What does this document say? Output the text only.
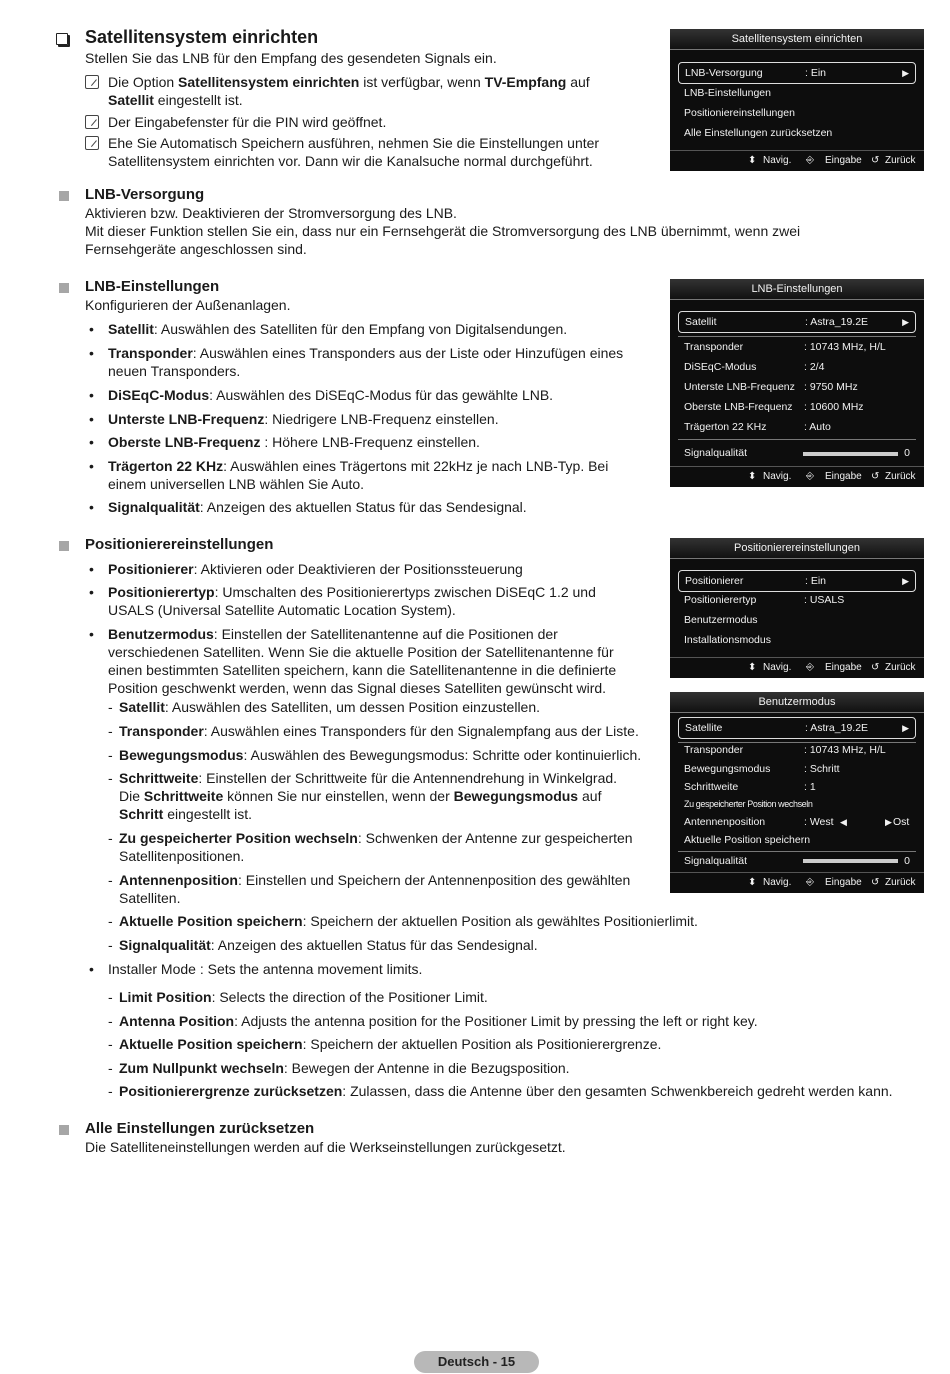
Satellitensystem einrichten
Stellen Sie das LNB für den Empfang des gesendeten Signals ein.
Die Option Satellitensystem einrichten ist verfügbar, wenn TV-Empfang auf
Satellit eingestellt ist.
Der Eingabefenster für die PIN wird geöffnet.
Ehe Sie Automatisch Speichern ausführen, nehmen Sie die Einstellungen unter
Satellitensystem einrichten vor. Dann wir die Kanalsuche normal durchgeführt.
Satellitensystem einrichten
LNB-Versorgung	: Ein	▶
LNB-Einstellungen
Positioniereinstellungen
Alle Einstellungen zurücksetzen
⬍ Navig. ⎆ Eingabe ↺ Zurück
LNB-Versorgung
Aktivieren bzw. Deaktivieren der Stromversorgung des LNB.
Mit dieser Funktion stellen Sie ein, dass nur ein Fernsehgerät die Stromversorgung des LNB übernimmt, wenn zwei
Fernsehgeräte angeschlossen sind.
LNB-Einstellungen
Konfigurieren der Außenanlagen.
• Satellit: Auswählen des Satelliten für den Empfang von Digitalsendungen.
• Transponder: Auswählen eines Transponders aus der Liste oder Hinzufügen eines
neuen Transponders.
• DiSEqC-Modus: Auswählen des DiSEqC-Modus für das gewählte LNB.
• Unterste LNB-Frequenz: Niedrigere LNB-Frequenz einstellen.
• Oberste LNB-Frequenz : Höhere LNB-Frequenz einstellen.
• Trägerton 22 KHz: Auswählen eines Trägertons mit 22kHz je nach LNB-Typ. Bei
einem universellen LNB wählen Sie Auto.
• Signalqualität: Anzeigen des aktuellen Status für das Sendesignal.
LNB-Einstellungen
Satellit	: Astra_19.2E	▶
Transponder	: 10743 MHz, H/L
DiSEqC-Modus	: 2/4
Unterste LNB-Frequenz : 9750 MHz
Oberste LNB-Frequenz : 10600 MHz
Trägerton 22 KHz	: Auto
Signalqualität	0
⬍ Navig. ⎆ Eingabe ↺ Zurück
Positionierereinstellungen
• Positionierer: Aktivieren oder Deaktivieren der Positionssteuerung
• Positionierertyp: Umschalten des Positionierertyps zwischen DiSEqC 1.2 und
USALS (Universal Satellite Automatic Location System).
• Benutzermodus: Einstellen der Satellitenantenne auf die Positionen der
verschiedenen Satelliten. Wenn Sie die aktuelle Position der Satellitenantenne für
einen bestimmten Satelliten speichern, kann die Satellitenantenne in die definierte
Position geschwenkt werden, wenn das Signal dieses Satelliten gewünscht wird.
- Satellit: Auswählen des Satelliten, um dessen Position einzustellen.
- Transponder: Auswählen eines Transponders für den Signalempfang aus der Liste.
- Bewegungsmodus: Auswählen des Bewegungsmodus: Schritte oder kontinuierlich.
- Schrittweite: Einstellen der Schrittweite für die Antennendrehung in Winkelgrad.
Die Schrittweite können Sie nur einstellen, wenn der Bewegungsmodus auf
Schritt eingestellt ist.
- Zu gespeicherter Position wechseln: Schwenken der Antenne zur gespeicherten
Satellitenpositionen.
- Antennenposition: Einstellen und Speichern der Antennenposition des gewählten
Satelliten.
- Aktuelle Position speichern: Speichern der aktuellen Position als gewähltes Positionierlimit.
- Signalqualität: Anzeigen des aktuellen Status für das Sendesignal.
• Installer Mode : Sets the antenna movement limits.
- Limit Position: Selects the direction of the Positioner Limit.
- Antenna Position: Adjusts the antenna position for the Positioner Limit by pressing the left or right key.
- Aktuelle Position speichern: Speichern der aktuellen Position als Positionierergrenze.
- Zum Nullpunkt wechseln: Bewegen der Antenne in die Bezugsposition.
- Positionierergrenze zurücksetzen: Zulassen, dass die Antenne über den gesamten Schwenkbereich gedreht werden kann.
Positionierereinstellungen
Positionierer	: Ein	▶
Positionierertyp	: USALS
Benutzermodus
Installationsmodus
⬍ Navig. ⎆ Eingabe ↺ Zurück
Benutzermodus
Satellite	: Astra_19.2E	▶
Transponder	: 10743 MHz, H/L
Bewegungsmodus	: Schritt
Schrittweite	: 1
Zu gespeicherter Position wechseln
Antennenposition	: West ◀	▶ Ost
Aktuelle Position speichern
Signalqualität	0
⬍ Navig. ⎆ Eingabe ↺ Zurück
Alle Einstellungen zurücksetzen
Die Satelliteneinstellungen werden auf die Werkseinstellungen zurückgesetzt.
Deutsch - 15
